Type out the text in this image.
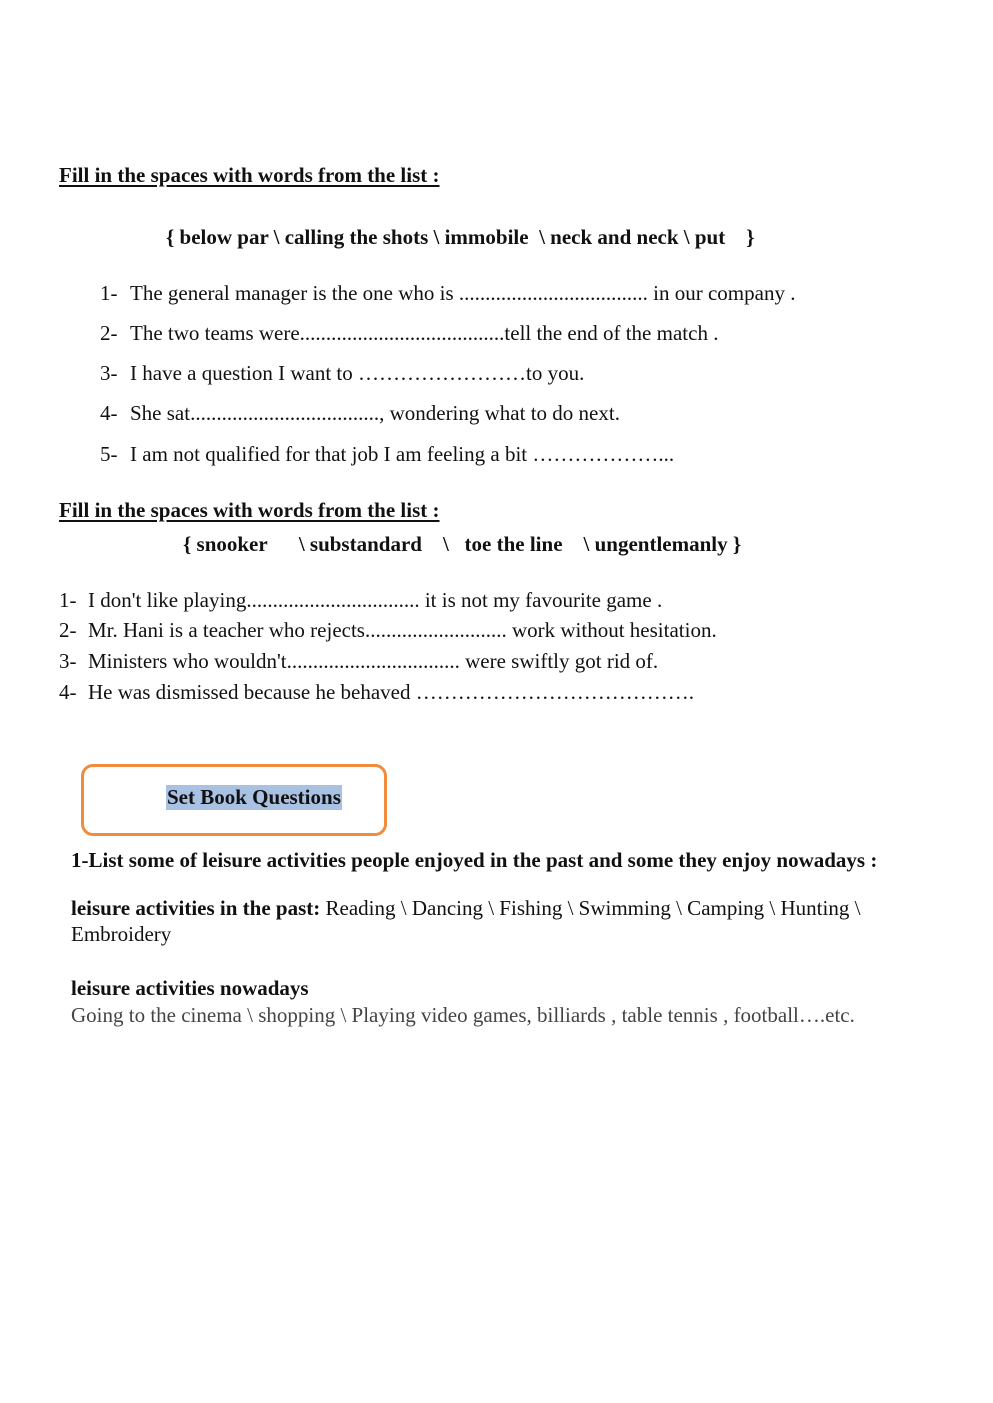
Fill in the spaces with words from the list :
{ below par \ calling the shots \ immobile  \ neck and neck \ put    }
1- The general manager is the one who is .................................... in our company .
2- The two teams were.......................................tell the end of the match .
3- I have a question I want to ……………………to you.
4- She sat...................................., wondering what to do next.
5- I am not qualified for that job I am feeling a bit ………………...
Fill in the spaces with words from the list :
{ snooker      \ substandard    \   toe the line    \ ungentlemanly }
1- I don't like playing................................. it is not my favourite game .
2- Mr. Hani is a teacher who rejects........................... work without hesitation.
3- Ministers who wouldn't................................. were swiftly got rid of.
4- He was dismissed because he behaved ………………………………….
Set Book Questions
1-List some of leisure activities people enjoyed in the past and some they enjoy nowadays :
leisure activities in the past: Reading \ Dancing \ Fishing \ Swimming \ Camping \ Hunting \
Embroidery
leisure activities nowadays
Going to the cinema \ shopping \ Playing video games, billiards , table tennis , football….etc.
